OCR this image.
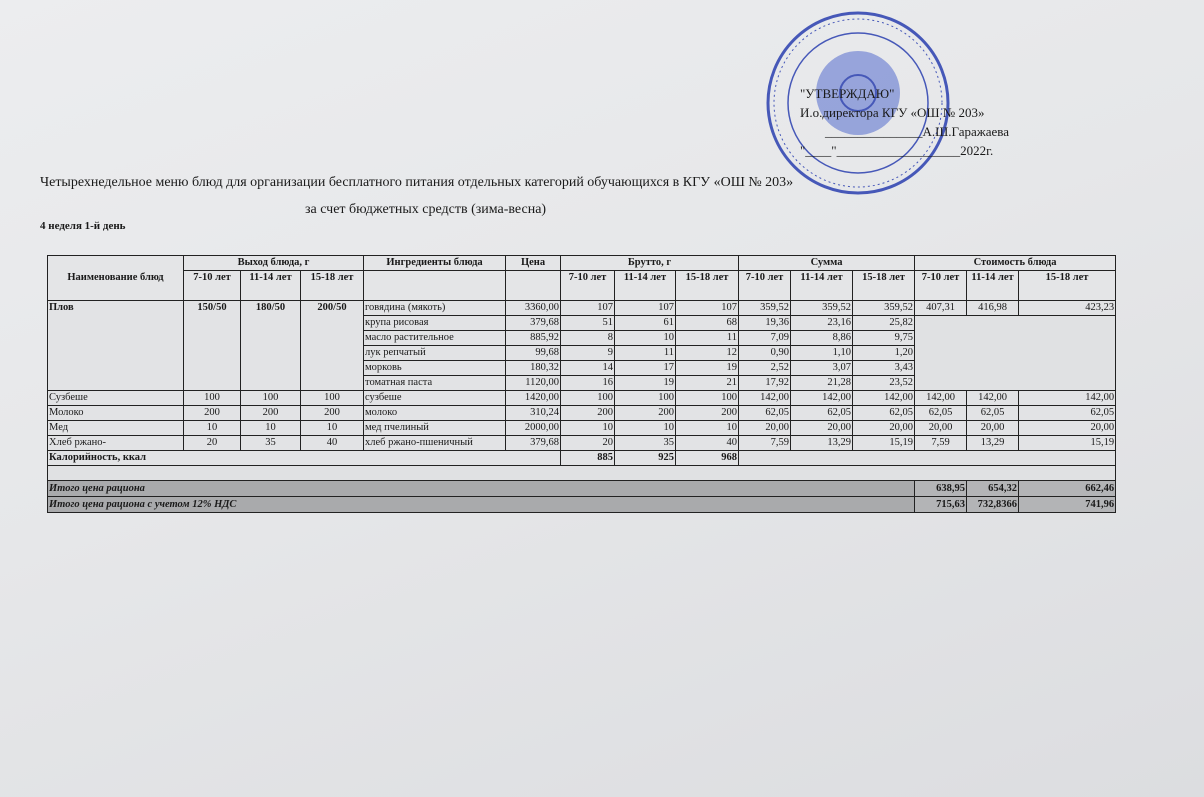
"УТВЕРЖДАЮ"
И.о.директора КГУ «ОШ № 203»
_______________А.Ш.Гаражаева
"____"___________________2022г.
Четырехнедельное меню блюд для организации бесплатного питания отдельных категорий обучающихся в КГУ «ОШ № 203»
за счет бюджетных средств (зима-весна)
4 неделя 1-й день
Наименование блюд	Выход блюда, г			Ингредиенты блюда	Цена	Брутто, г			Сумма			Стоимость блюда		
	7-10 лет	11-14 лет	15-18 лет			7-10 лет	11-14 лет	15-18 лет	7-10 лет	11-14 лет	15-18 лет	7-10 лет	11-14 лет	15-18 лет
Плов	150/50	180/50	200/50	говядина (мякоть)	3360,00	107	107	107	359,52	359,52	359,52	407,31	416,98	423,23
				крупа рисовая	379,68	51	61	68	19,36	23,16	25,82			
				масло растительное	885,92	8	10	11	7,09	8,86	9,75			
				лук репчатый	99,68	9	11	12	0,90	1,10	1,20			
				морковь	180,32	14	17	19	2,52	3,07	3,43			
				томатная паста	1120,00	16	19	21	17,92	21,28	23,52			
Сузбеше	100	100	100	сузбеше	1420,00	100	100	100	142,00	142,00	142,00	142,00	142,00	142,00
Молоко	200	200	200	молоко	310,24	200	200	200	62,05	62,05	62,05	62,05	62,05	62,05
Мед	10	10	10	мед пчелиный	2000,00	10	10	10	20,00	20,00	20,00	20,00	20,00	20,00
Хлеб ржано-	20	35	40	хлеб ржано-пшеничный	379,68	20	35	40	7,59	13,29	15,19	7,59	13,29	15,19
Калорийность, ккал						885	925	968						

Итого цена рациона												638,95	654,32	662,46
Итого цена рациона с учетом 12% НДС												715,63	732,8366	741,96
